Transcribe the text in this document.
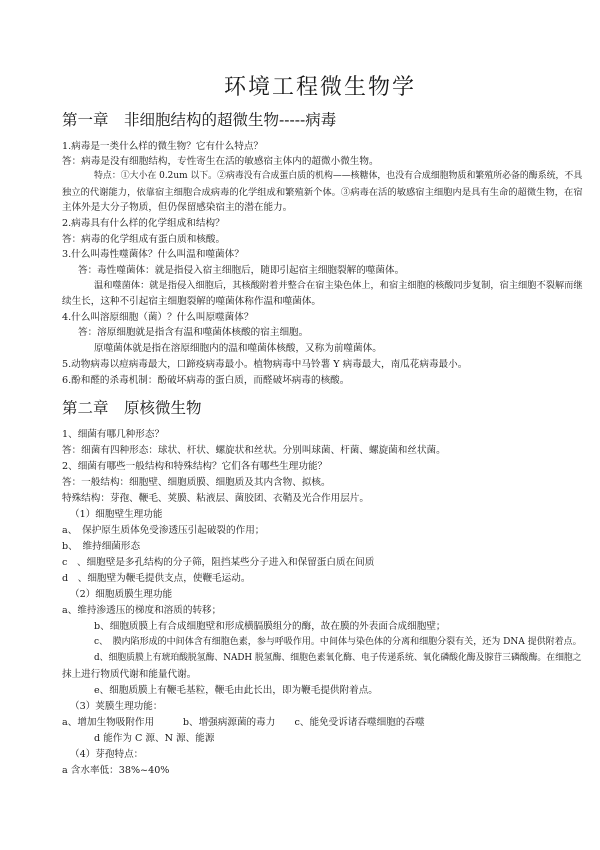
环境工程微生物学
第一章　非细胞结构的超微生物-----病毒
1.病毒是一类什么样的微生物？它有什么特点？
答：病毒是没有细胞结构，专性寄生在活的敏感宿主体内的超微小微生物。
特点：①大小在 0.2um 以下。②病毒没有合成蛋白质的机构——核糖体，也没有合成细胞物质和繁殖所必备的酶系统，不具
独立的代谢能力，依靠宿主细胞合成病毒的化学组成和繁殖新个体。③病毒在活的敏感宿主细胞内是具有生命的超微生物，在宿
主体外是大分子物质，但仍保留感染宿主的潜在能力。
2.病毒具有什么样的化学组成和结构？
答：病毒的化学组成有蛋白质和核酸。
3.什么叫毒性噬菌体？什么叫温和噬菌体？
答：毒性噬菌体：就是指侵入宿主细胞后，随即引起宿主细胞裂解的噬菌体。
温和噬菌体：就是指侵入细胞后，其核酸附着并整合在宿主染色体上，和宿主细胞的核酸同步复制，宿主细胞不裂解而继
续生长，这种不引起宿主细胞裂解的噬菌体称作温和噬菌体。
4.什么叫溶原细胞（菌）？什么叫原噬菌体？
答：溶原细胞就是指含有温和噬菌体核酸的宿主细胞。
原噬菌体就是指在溶原细胞内的温和噬菌体核酸，又称为前噬菌体。
5.动物病毒以痘病毒最大，口蹄疫病毒最小。植物病毒中马铃薯 Y 病毒最大，南瓜花病毒最小。
6.酚和醛的杀毒机制：酚破坏病毒的蛋白质，而醛破坏病毒的核酸。
第二章　原核微生物
1、细菌有哪几种形态？
答：细菌有四种形态：球状、杆状、螺旋状和丝状。分别叫球菌、杆菌、螺旋菌和丝状菌。
2、细菌有哪些一般结构和特殊结构？它们各有哪些生理功能？
答：一般结构：细胞壁、细胞质膜、细胞质及其内含物、拟核。
特殊结构：芽孢、鞭毛、荚膜、粘液层、菌胶团、衣鞘及光合作用层片。
（1）细胞壁生理功能
a、　保护原生质体免受渗透压引起破裂的作用；
b、　维持细菌形态
c　、细胞壁是多孔结构的分子筛，阻挡某些分子进入和保留蛋白质在间质
d　、细胞壁为鞭毛提供支点，使鞭毛运动。
（2）细胞质膜生理功能
a、维持渗透压的梯度和溶质的转移；
b、细胞质膜上有合成细胞壁和形成横膈膜组分的酶，故在膜的外表面合成细胞壁；
c、　膜内陷形成的中间体含有细胞色素，参与呼吸作用。中间体与染色体的分离和细胞分裂有关，还为 DNA 提供附着点。
d、细胞质膜上有琥珀酸脱氢酶、NADH 脱氢酶、细胞色素氧化酶、电子传递系统、氧化磷酸化酶及腺苷三磷酸酶。在细胞之
抹上进行物质代谢和能量代谢。
e、细胞质膜上有鞭毛基粒，鞭毛由此长出，即为鞭毛提供附着点。
（3）荚膜生理功能：
a、增加生物吸附作用　　　b、增强病源菌的毒力　　c、能免受诉诸吞噬细胞的吞噬
d 能作为 C 源、N 源、能源
（4）芽孢特点：
a 含水率低：38%~40%
